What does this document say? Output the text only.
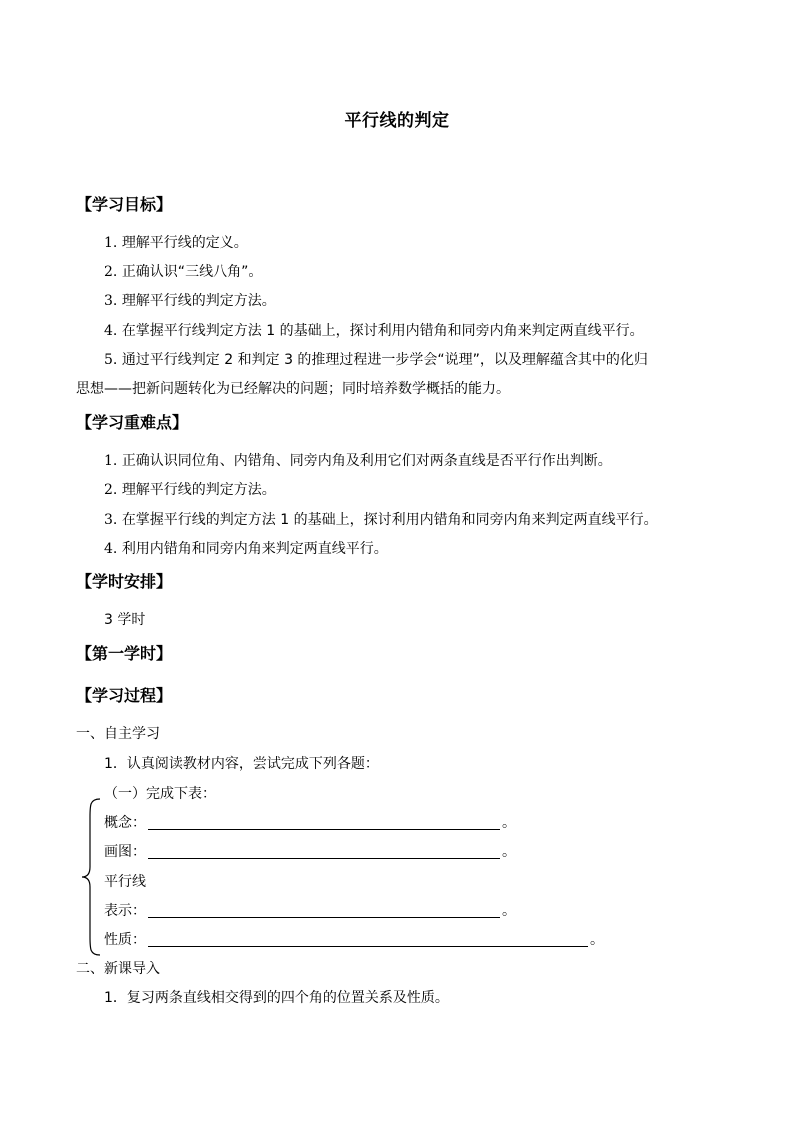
平行线的判定
【学习目标】
1. 理解平行线的定义。
2. 正确认识“三线八角”。
3. 理解平行线的判定方法。
4. 在掌握平行线判定方法 1 的基础上，探讨利用内错角和同旁内角来判定两直线平行。
5. 通过平行线判定 2 和判定 3 的推理过程进一步学会“说理”，以及理解蕴含其中的化归
思想——把新问题转化为已经解决的问题；同时培养数学概括的能力。
【学习重难点】
1. 正确认识同位角、内错角、同旁内角及利用它们对两条直线是否平行作出判断。
2. 理解平行线的判定方法。
3. 在掌握平行线的判定方法 1 的基础上，探讨利用内错角和同旁内角来判定两直线平行。
4. 利用内错角和同旁内角来判定两直线平行。
【学时安排】
3 学时
【第一学时】
【学习过程】
一、自主学习
1．认真阅读教材内容，尝试完成下列各题：
（一）完成下表：
概念：	。
画图：	。
平行线
表示：	。
性质：	。
二、新课导入
1．复习两条直线相交得到的四个角的位置关系及性质。
